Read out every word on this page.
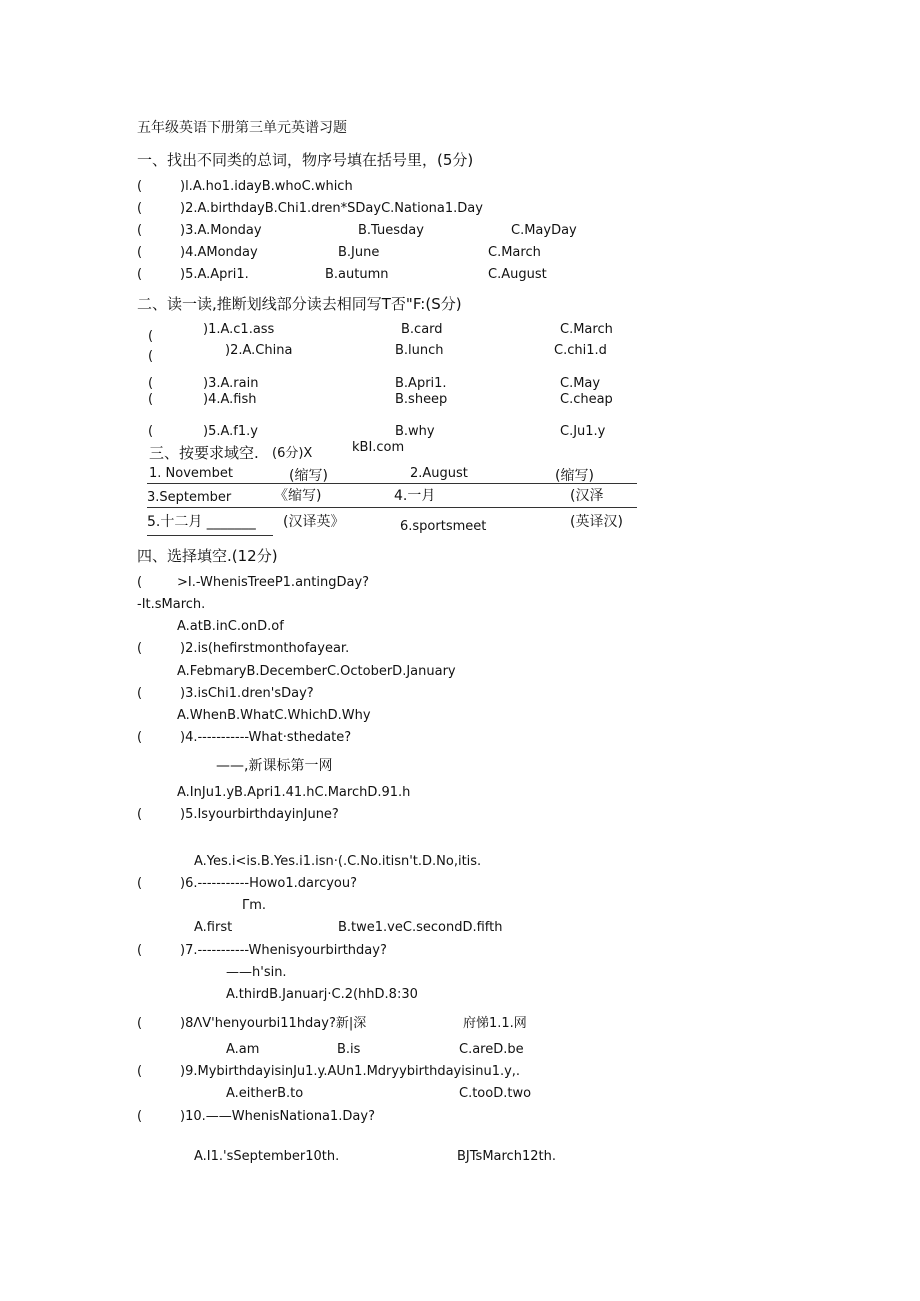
五年级英语下册第三单元英谱习题
一、找出不同类的总词，物序号填在括号里，(5分)
(	)l.A.ho1.idayB.whoC.which
(	)2.A.birthdayB.Chi1.dren*SDayC.Nationa1.Day
(	)3.A.Monday	B.Tuesday	C.MayDay
(	)4.AMonday	B.June	C.March
(	)5.A.Apri1.	B.autumn	C.August
二、读一读,推断划线部分读去相同写T否"F:(S分)
(	)1.A.c1.ass	B.card	C.March
(	)2.A.China	B.lunch	C.chi1.d
(	)3.A.rain	B.Apri1.	C.May
(	)4.A.fish	B.sheep	C.cheap
(	)5.A.f1.y	B.why	C.Ju1.y
三、按要求域空. (6分)X	kBI.com
1. Novembet	(缩写)	2.August	(缩写)
3.September	《缩写)	4.一月	(汉泽
5.十二月 _______ (汉译英》	6.sportsmeet	(英译汉)
四、选择填空.(12分)
(	>I.-WhenisTreeP1.antingDay?
-It.sMarch.
A.atB.inC.onD.of
(	)2.is(hefirstmonthofayear.
A.FebmaryB.DecemberC.OctoberD.January
(	)3.isChi1.dren'sDay?
A.WhenB.WhatC.WhichD.Why
(	)4.-----------What·sthedate?
——,新课标第一网
A.InJu1.yB.Apri1.41.hC.MarchD.91.h
(	)5.IsyourbirthdayinJune?
A.Yes.i<is.B.Yes.i1.isn·(.C.No.itisn't.D.No,itis.
(	)6.-----------Howo1.darcyou?
Γm.
A.first	B.twe1.veC.secondD.fifth
(	)7.-----------Whenisyourbirthday?
——h'sin.
A.thirdB.Januarj·C.2(hhD.8:30
(	)8ΛV'henyourbi11hday?新|深	府悌1.1.网
A.am	B.is	C.areD.be
(	)9.MybirthdayisinJu1.y.AUn1.Mdryybirthdayisinu1.y,.
A.eitherB.to	C.tooD.two
(	)10.——WhenisNationa1.Day?
A.I1.'sSeptember10th.	BJTsMarch12th.
